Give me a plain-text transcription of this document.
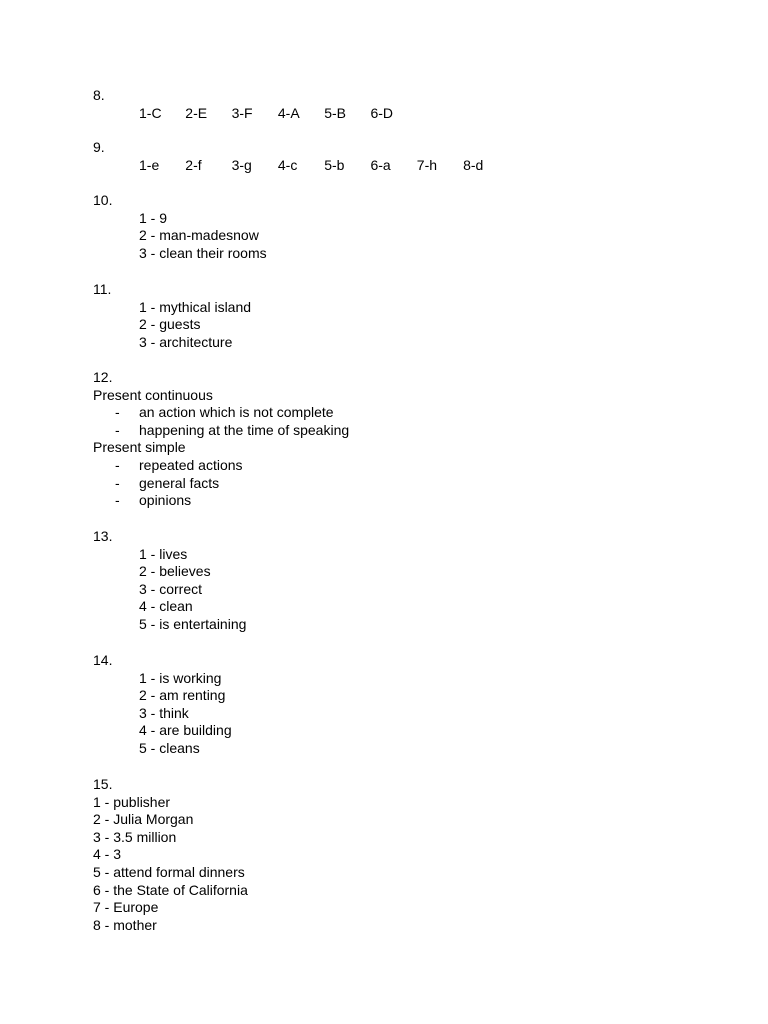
8.
1-C	2-E	3-F	4-A	5-B	6-D
9.
1-e	2-f	3-g	4-c	5-b	6-a	7-h	8-d
10.
1 - 9
2 - man-madesnow
3 - clean their rooms
11.
1 - mythical island
2 - guests
3 - architecture
12.
Present continuous
-	an action which is not complete
-	happening at the time of speaking
Present simple
-	repeated actions
-	general facts
-	opinions
13.
1 - lives
2 - believes
3 - correct
4 - clean
5 - is entertaining
14.
1 - is working
2 - am renting
3 - think
4 - are building
5 - cleans
15.
1 - publisher
2 - Julia Morgan
3 - 3.5 million
4 - 3
5 - attend formal dinners
6 - the State of California
7 - Europe
8 - mother
